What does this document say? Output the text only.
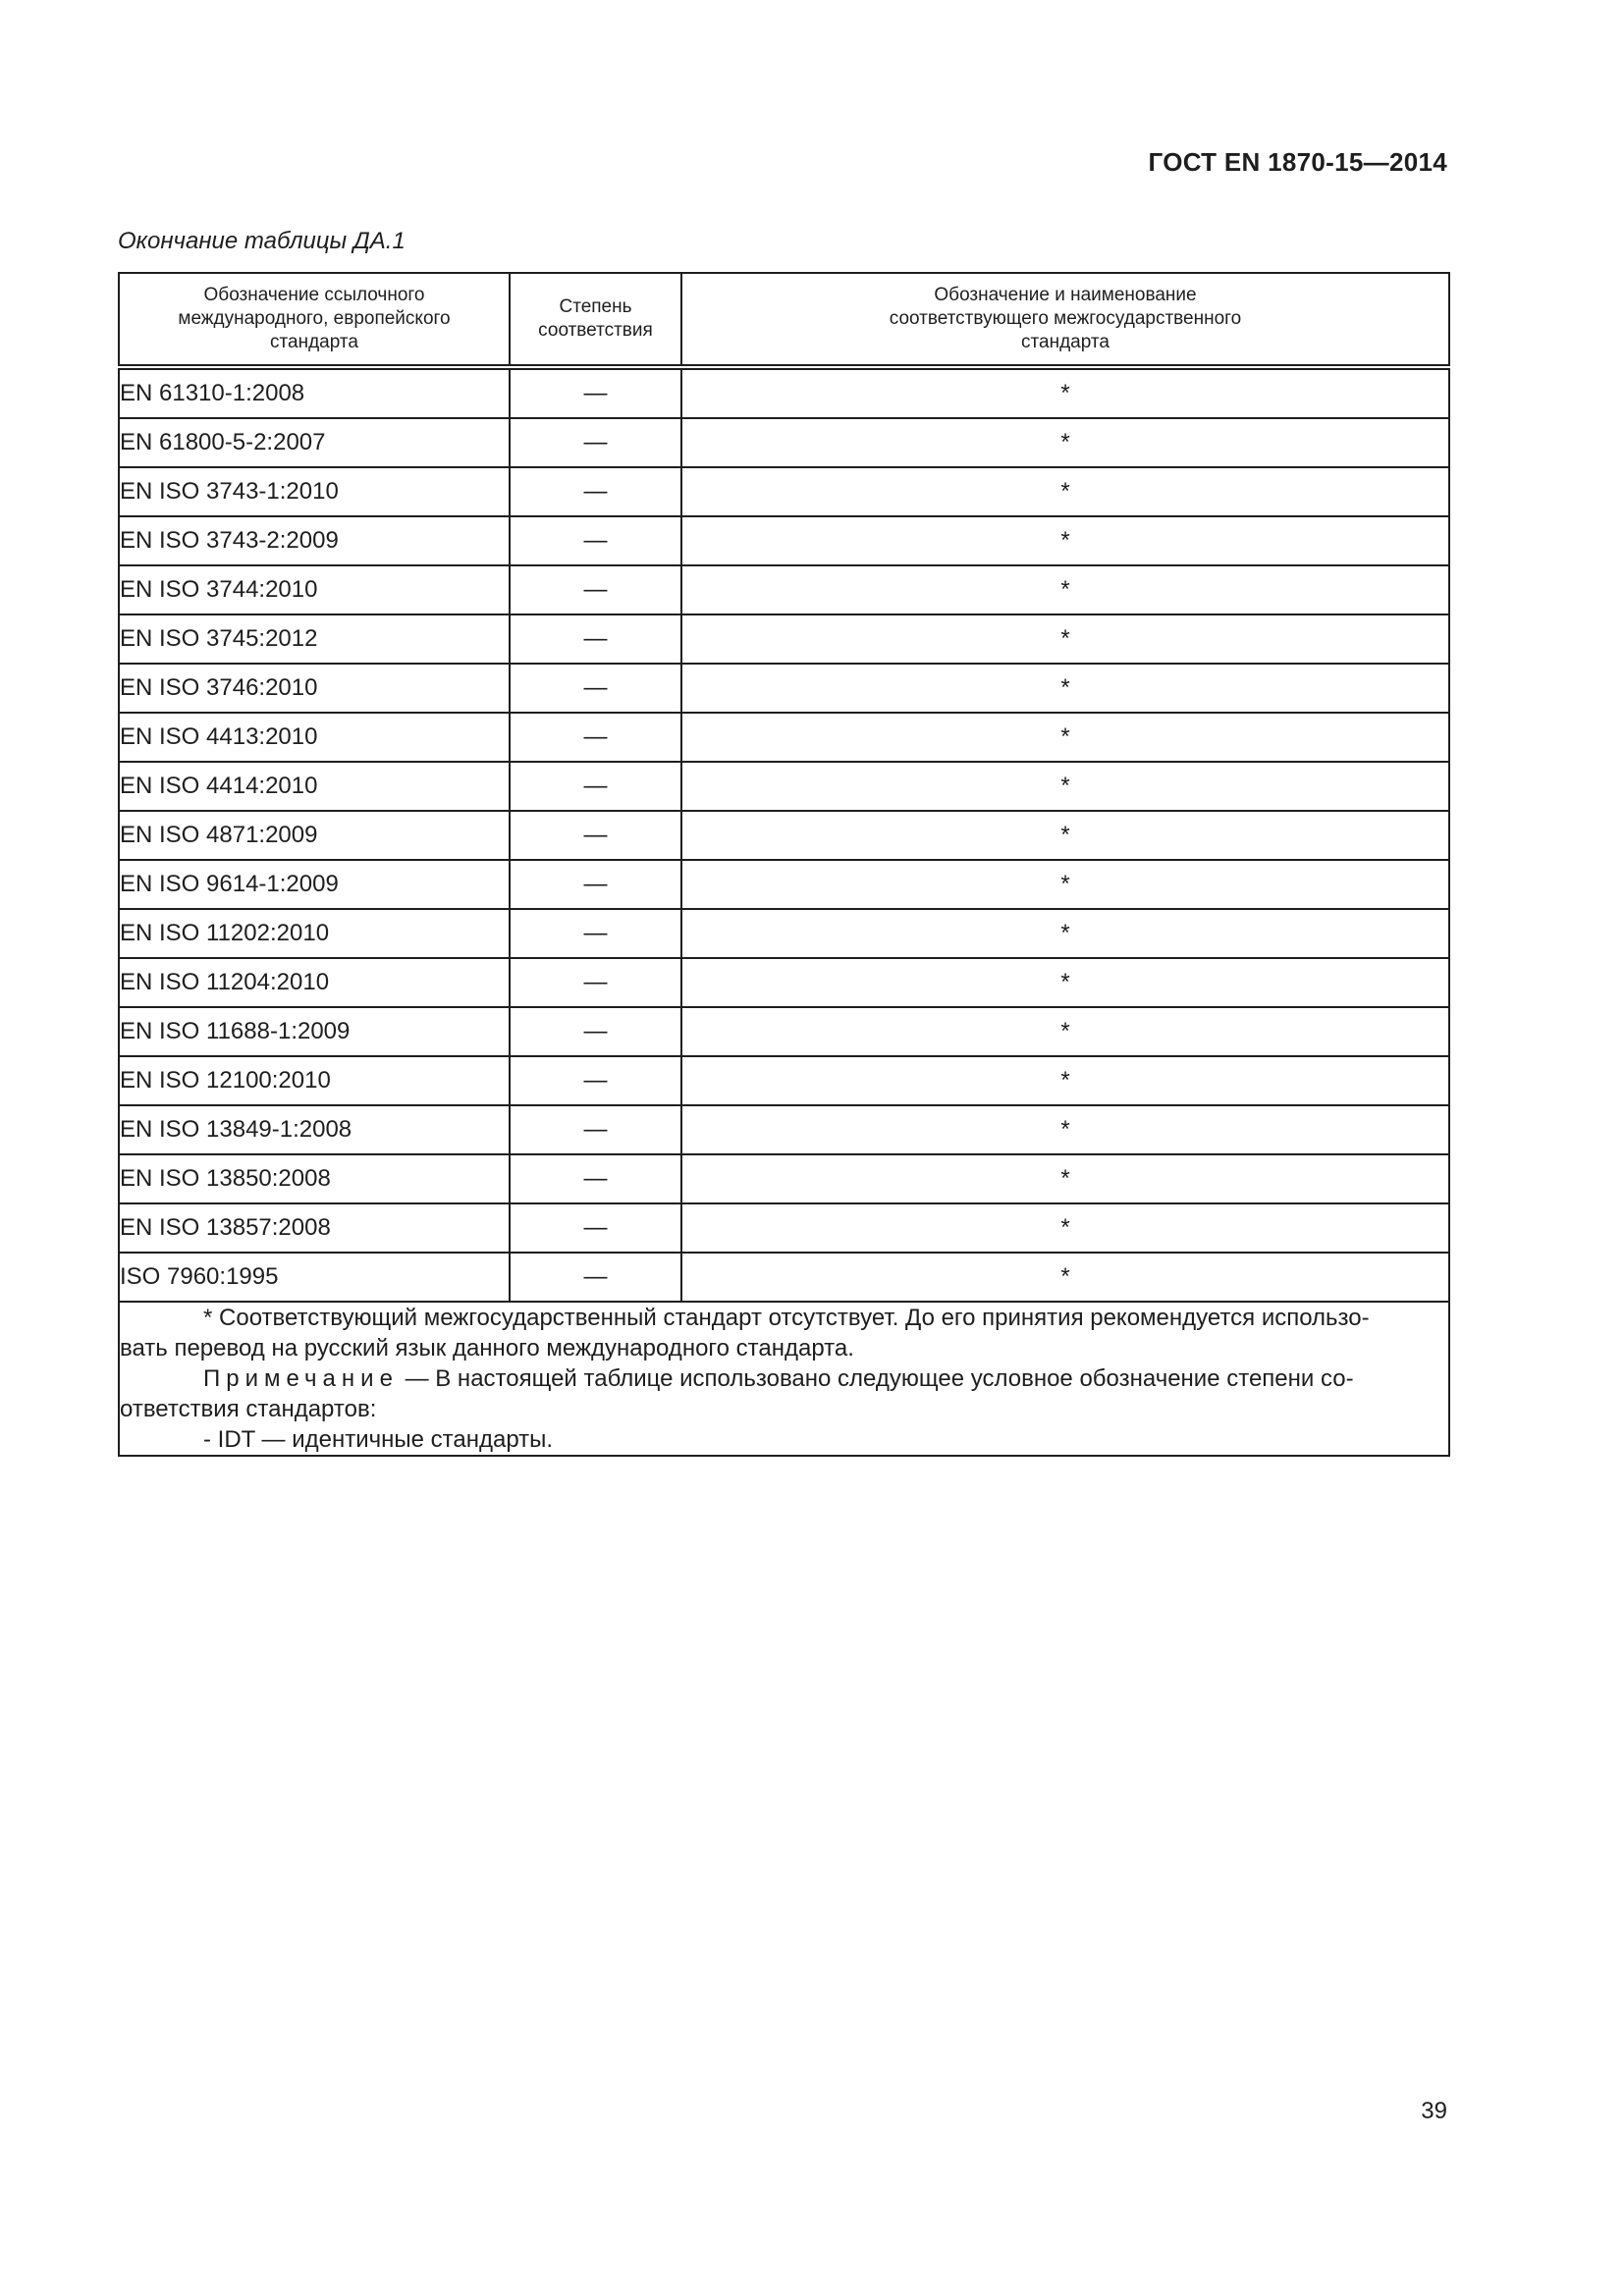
ГОСТ EN 1870-15—2014
Окончание таблицы ДА.1
Обозначение ссылочного международного, европейского стандарта	Степень соответствия	Обозначение и наименование соответствующего межгосударственного стандарта
EN 61310-1:2008	—	*
EN 61800-5-2:2007	—	*
EN ISO 3743-1:2010	—	*
EN ISO 3743-2:2009	—	*
EN ISO 3744:2010	—	*
EN ISO 3745:2012	—	*
EN ISO 3746:2010	—	*
EN ISO 4413:2010	—	*
EN ISO 4414:2010	—	*
EN ISO 4871:2009	—	*
EN ISO 9614-1:2009	—	*
EN ISO 11202:2010	—	*
EN ISO 11204:2010	—	*
EN ISO 11688-1:2009	—	*
EN ISO 12100:2010	—	*
EN ISO 13849-1:2008	—	*
EN ISO 13850:2008	—	*
EN ISO 13857:2008	—	*
ISO 7960:1995	—	*

* Соответствующий межгосударственный стандарт отсутствует. До его принятия рекомендуется использо-
вать перевод на русский язык данного международного стандарта.
Примечание — В настоящей таблице использовано следующее условное обозначение степени со-
ответствия стандартов:
- IDT — идентичные стандарты.		
39
